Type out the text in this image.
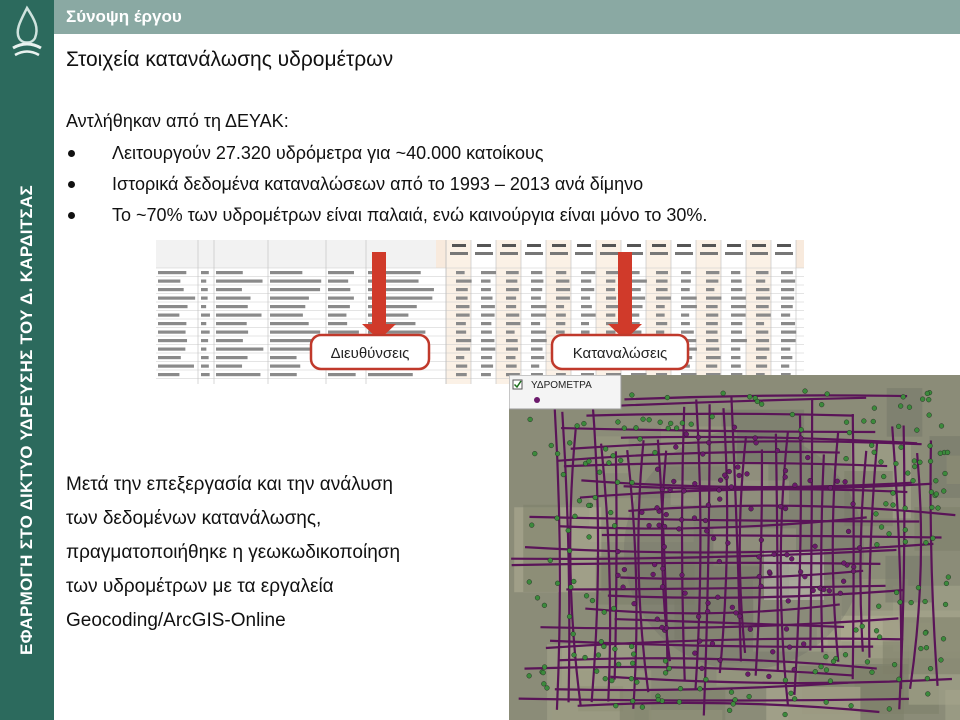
ΕΦΑΡΜΟΓΗ ΣΤΟ ΔΙΚΤΥΟ ΥΔΡΕΥΣΗΣ ΤΟΥ Δ. ΚΑΡΔΙΤΣΑΣ
Σύνοψη έργου
Στοιχεία κατανάλωσης υδρομέτρων
Αντλήθηκαν από τη ΔΕΥΑΚ:
Λειτουργούν 27.320 υδρόμετρα για ~40.000 κατοίκους
Ιστορικά δεδομένα καταναλώσεων από το 1993 – 2013 ανά δίμηνο
Το ~70% των υδρομέτρων είναι παλαιά, ενώ καινούργια είναι μόνο το 30%.
Διευθύνσεις	Καταναλώσεις
ΥΔΡΟΜΕΤΡΑ
Μετά την επεξεργασία και την ανάλυση
των δεδομένων κατανάλωσης,
πραγματοποιήθηκε η γεωκωδικοποίηση
των υδρομέτρων με τα εργαλεία
Geocoding/ArcGIS-Online
